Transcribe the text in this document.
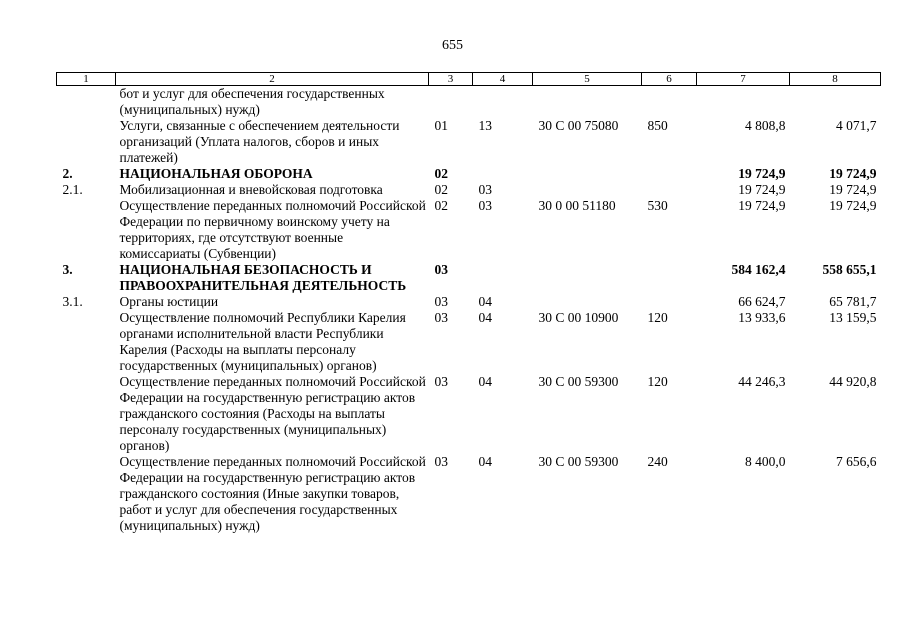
655
1	2	3	4	5	6	7	8
	бот и услуг для обеспечения государственных (муниципальных) нужд)						
	Услуги, связанные с обеспечением деятельности организаций (Уплата налогов, сборов и иных платежей)	01	13	30 С 00 75080	850	4 808,8	4 071,7
2.	НАЦИОНАЛЬНАЯ ОБОРОНА	02				19 724,9	19 724,9
2.1.	Мобилизационная и вневойсковая подготовка	02	03			19 724,9	19 724,9
	Осуществление переданных полномочий Российской Федерации по первичному воинскому учету на территориях, где отсутствуют военные комиссариаты (Субвенции)	02	03	30 0 00 51180	530	19 724,9	19 724,9
3.	НАЦИОНАЛЬНАЯ БЕЗОПАСНОСТЬ И ПРАВООХРАНИТЕЛЬНАЯ ДЕЯТЕЛЬНОСТЬ	03				584 162,4	558 655,1
3.1.	Органы юстиции	03	04			66 624,7	65 781,7
	Осуществление полномочий Республики Карелия органами исполнительной власти Республики Карелия (Расходы на выплаты персоналу государственных (муниципальных) органов)	03	04	30 С 00 10900	120	13 933,6	13 159,5
	Осуществление переданных полномочий Российской Федерации на государственную регистрацию актов гражданского состояния (Расходы на выплаты персоналу государственных (муниципальных) органов)	03	04	30 С 00 59300	120	44 246,3	44 920,8
	Осуществление переданных полномочий Российской Федерации на государственную регистрацию актов гражданского состояния (Иные закупки товаров, работ и услуг для обеспечения государственных (муниципальных) нужд)	03	04	30 С 00 59300	240	8 400,0	7 656,6
